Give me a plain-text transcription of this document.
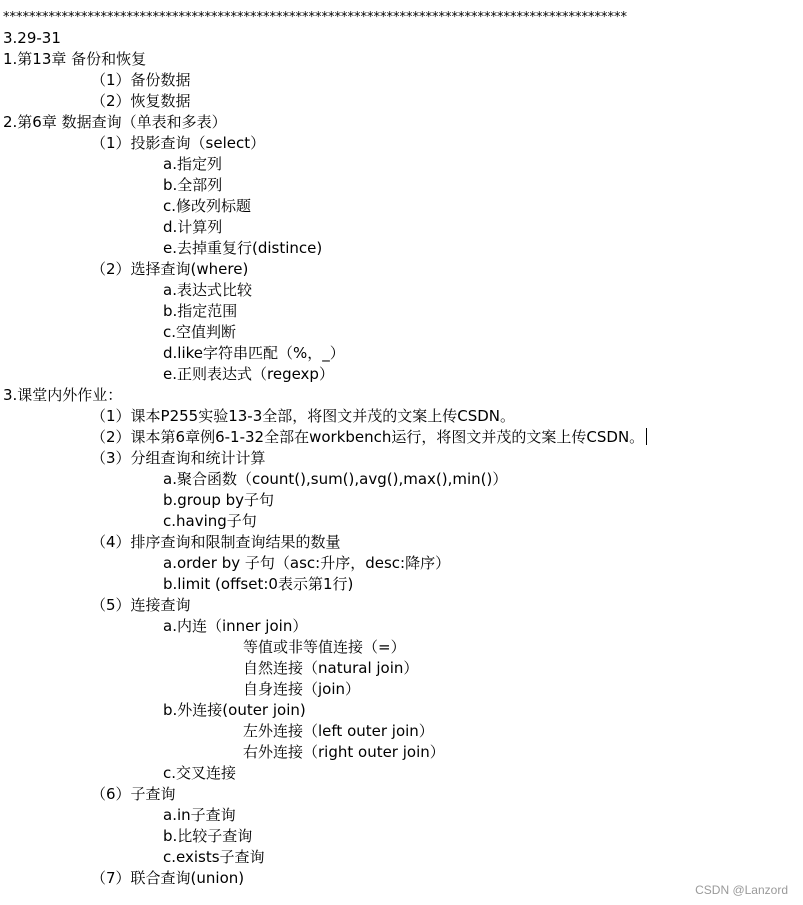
************************************************************************************************
3.29-31
1.第13章 备份和恢复
（1）备份数据
（2）恢复数据
2.第6章 数据查询（单表和多表）
（1）投影查询（select）
a.指定列
b.全部列
c.修改列标题
d.计算列
e.去掉重复行(distince)
（2）选择查询(where)
a.表达式比较
b.指定范围
c.空值判断
d.like字符串匹配（%，_）
e.正则表达式（regexp）
3.课堂内外作业：
（1）课本P255实验13-3全部，将图文并茂的文案上传CSDN。
（2）课本第6章例6-1-32全部在workbench运行，将图文并茂的文案上传CSDN。
（3）分组查询和统计计算
a.聚合函数（count(),sum(),avg(),max(),min()）
b.group by子句
c.having子句
（4）排序查询和限制查询结果的数量
a.order by 子句（asc:升序，desc:降序）
b.limit (offset:0表示第1行)
（5）连接查询
a.内连（inner join）
等值或非等值连接（=）
自然连接（natural join）
自身连接（join）
b.外连接(outer join)
左外连接（left outer join）
右外连接（right outer join）
c.交叉连接
（6）子查询
a.in子查询
b.比较子查询
c.exists子查询
（7）联合查询(union)
CSDN @Lanzord
